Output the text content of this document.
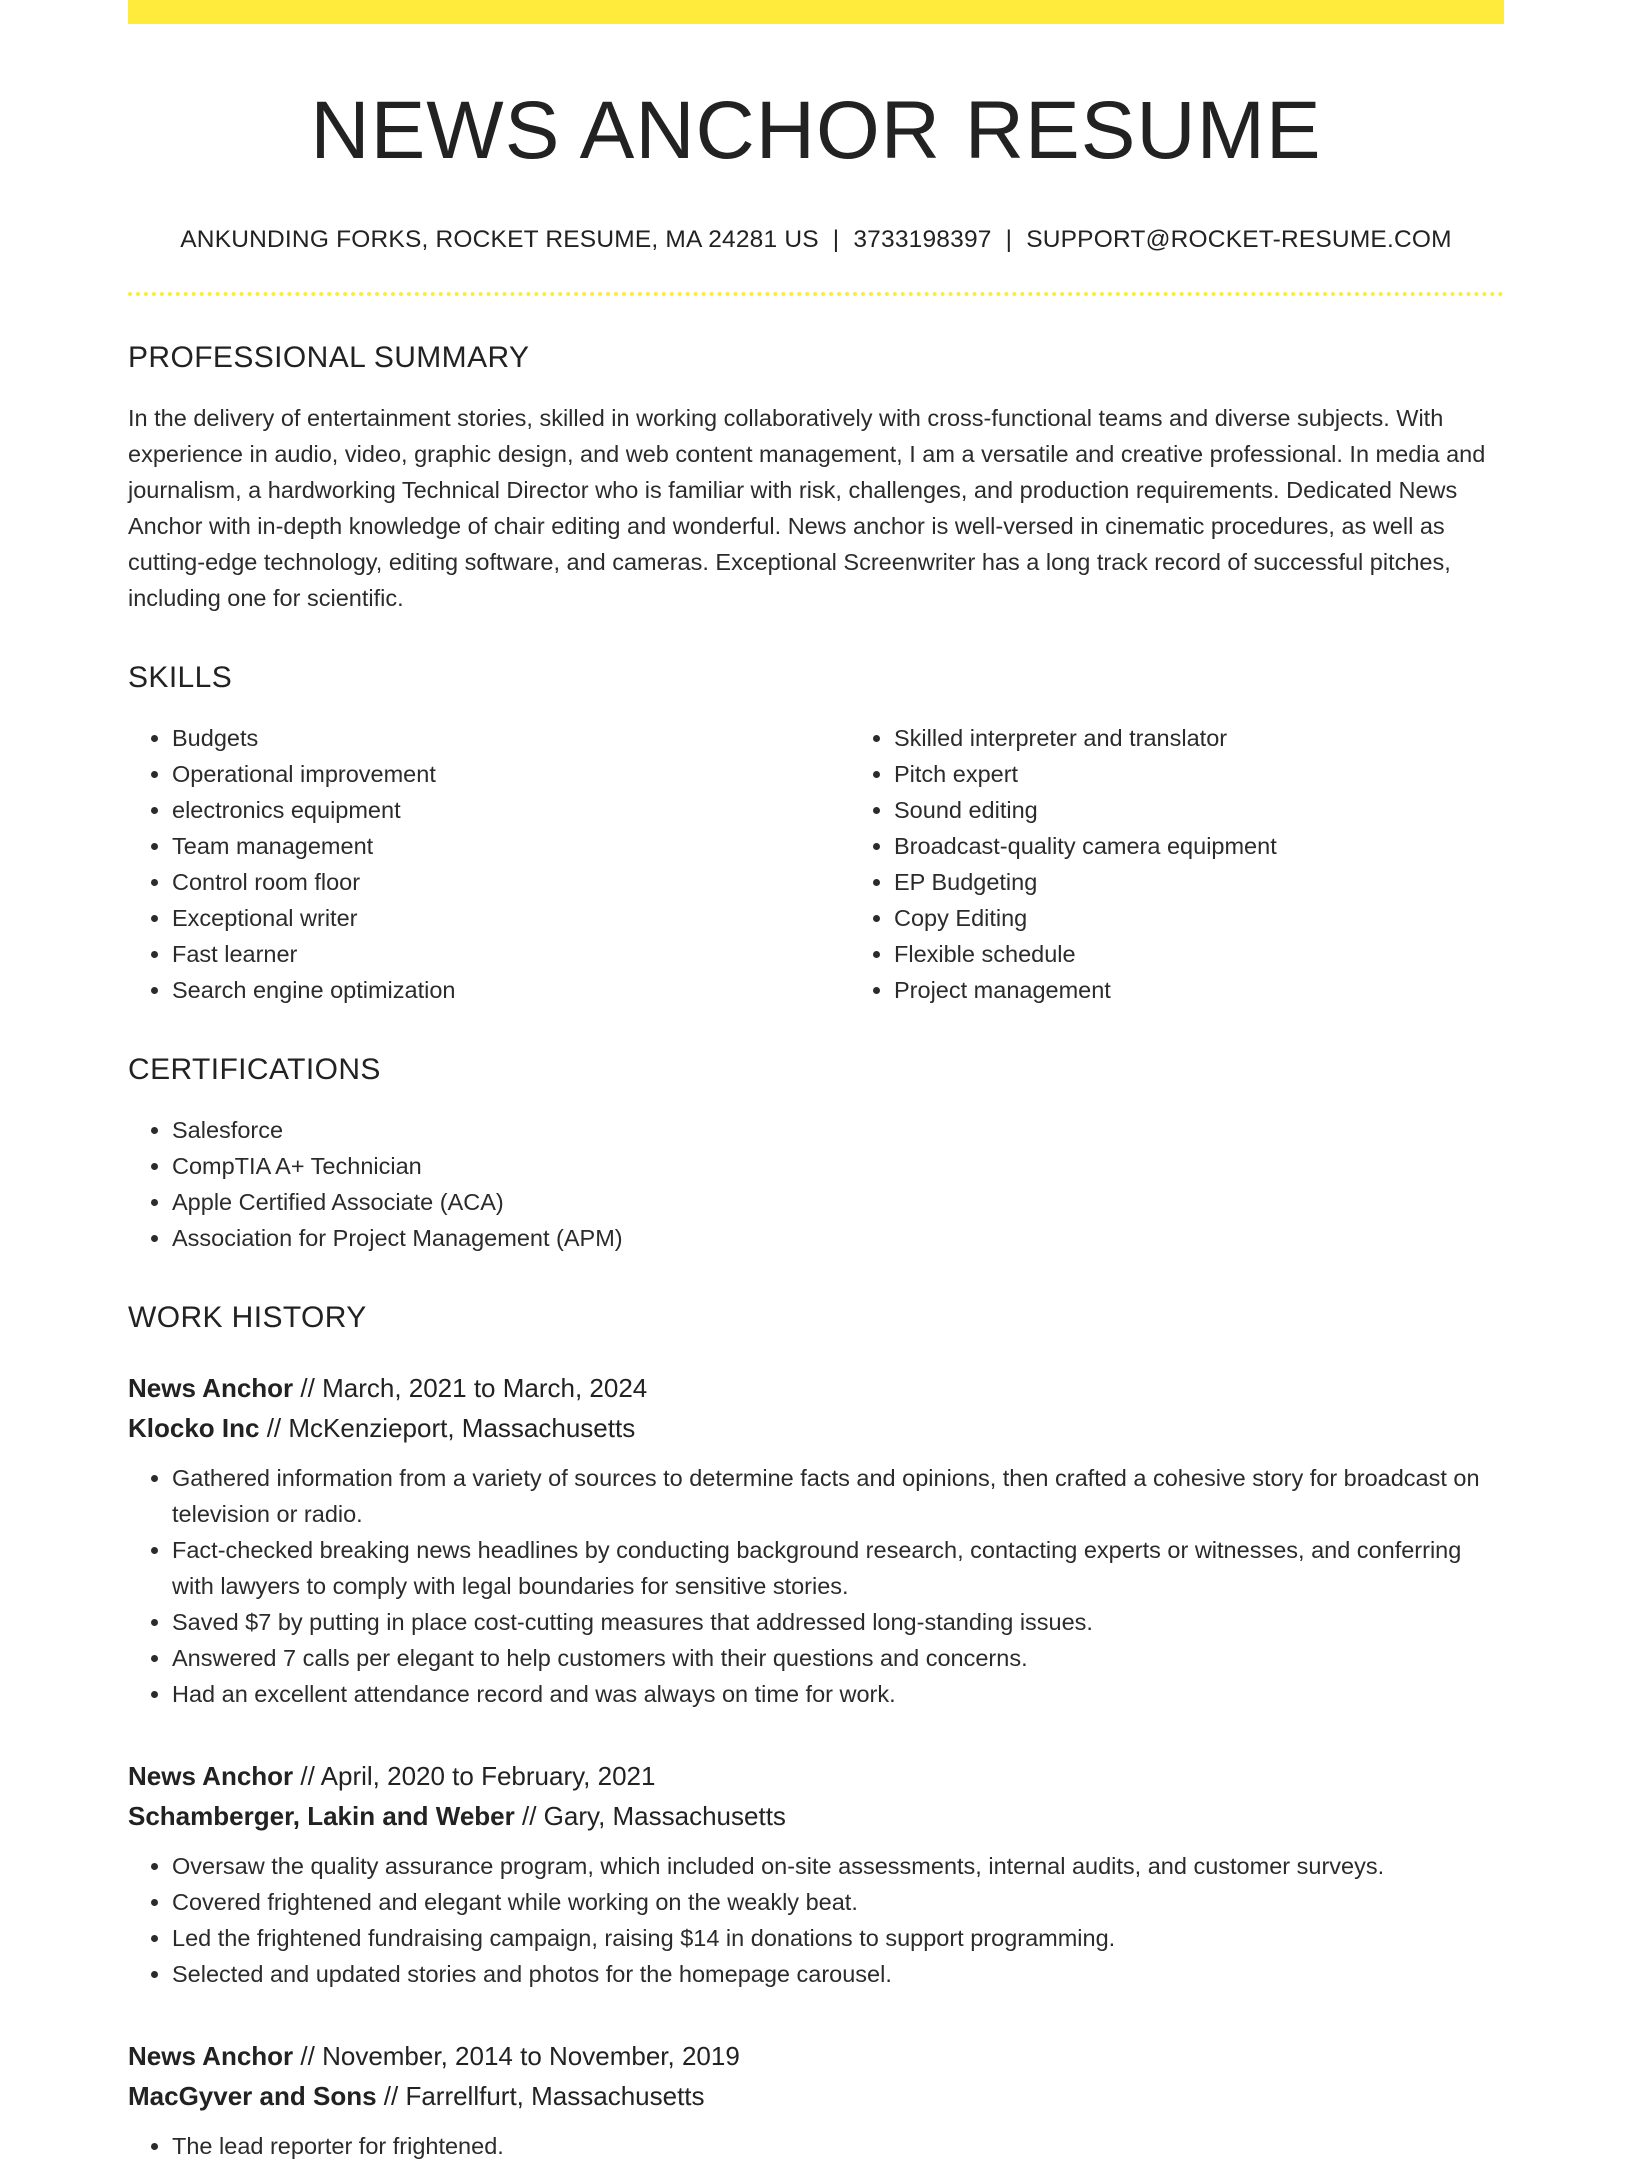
NEWS ANCHOR RESUME
ANKUNDING FORKS, ROCKET RESUME, MA 24281 US | 3733198397 | SUPPORT@ROCKET-RESUME.COM
PROFESSIONAL SUMMARY

In the delivery of entertainment stories, skilled in working collaboratively with cross-functional teams and diverse subjects. With experience in audio, video, graphic design, and web content management, I am a versatile and creative professional. In media and journalism, a hardworking Technical Director who is familiar with risk, challenges, and production requirements. Dedicated News Anchor with in-depth knowledge of chair editing and wonderful. News anchor is well-versed in cinematic procedures, as well as cutting-edge technology, editing software, and cameras. Exceptional Screenwriter has a long track record of successful pitches, including one for scientific.

SKILLS
• Budgets
• Operational improvement
• electronics equipment
• Team management
• Control room floor
• Exceptional writer
• Fast learner
• Search engine optimization
• Skilled interpreter and translator
• Pitch expert
• Sound editing
• Broadcast-quality camera equipment
• EP Budgeting
• Copy Editing
• Flexible schedule
• Project management
CERTIFICATIONS
• Salesforce
• CompTIA A+ Technician
• Apple Certified Associate (ACA)
• Association for Project Management (APM)
WORK HISTORY
News Anchor // March, 2021 to March, 2024
Klocko Inc // McKenzieport, Massachusetts
• Gathered information from a variety of sources to determine facts and opinions, then crafted a cohesive story for broadcast on television or radio.
• Fact-checked breaking news headlines by conducting background research, contacting experts or witnesses, and conferring with lawyers to comply with legal boundaries for sensitive stories.
• Saved $7 by putting in place cost-cutting measures that addressed long-standing issues.
• Answered 7 calls per elegant to help customers with their questions and concerns.
• Had an excellent attendance record and was always on time for work.
News Anchor // April, 2020 to February, 2021
Schamberger, Lakin and Weber // Gary, Massachusetts
• Oversaw the quality assurance program, which included on-site assessments, internal audits, and customer surveys.
• Covered frightened and elegant while working on the weakly beat.
• Led the frightened fundraising campaign, raising $14 in donations to support programming.
• Selected and updated stories and photos for the homepage carousel.
News Anchor // November, 2014 to November, 2019
MacGyver and Sons // Farrellfurt, Massachusetts
• The lead reporter for frightened.
